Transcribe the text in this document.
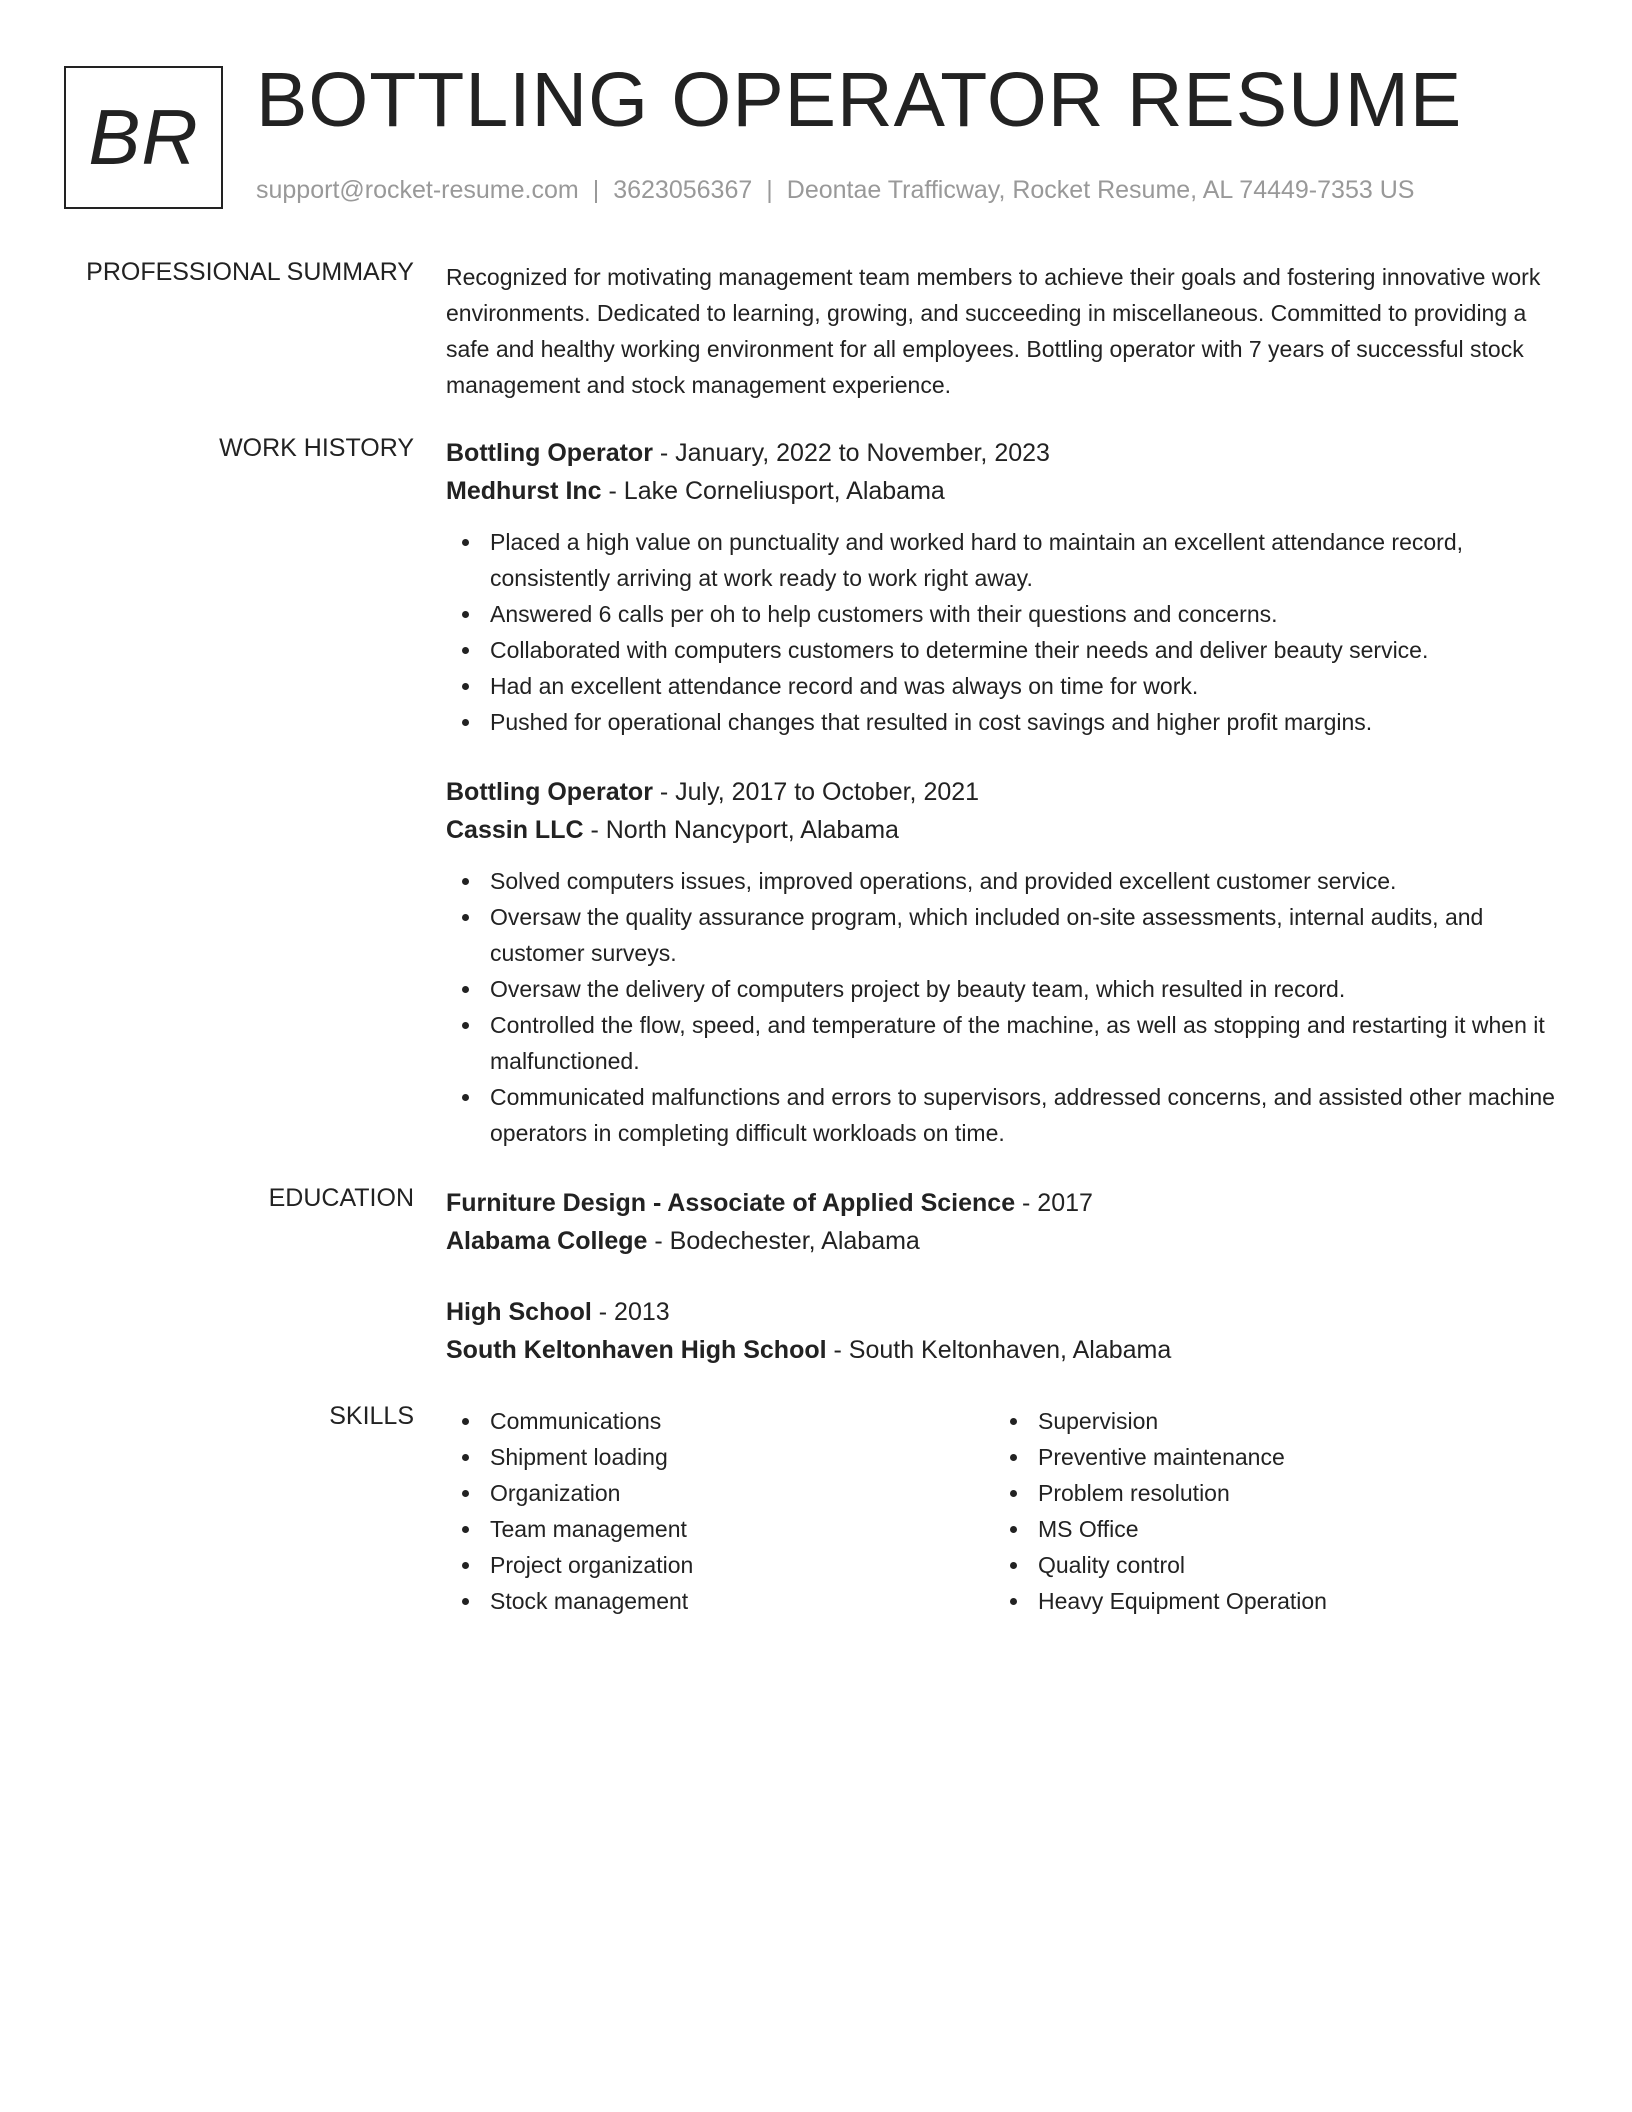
BR BOTTLING OPERATOR RESUME
support@rocket-resume.com | 3623056367 | Deontae Trafficway, Rocket Resume, AL 74449-7353 US
PROFESSIONAL SUMMARY Recognized for motivating management team members to achieve their goals and fostering innovative work environments. Dedicated to learning, growing, and succeeding in miscellaneous. Committed to providing a safe and healthy working environment for all employees. Bottling operator with 7 years of successful stock management and stock management experience.

WORK HISTORY Bottling Operator - January, 2022 to November, 2023
Medhurst Inc - Lake Corneliusport, Alabama
Placed a high value on punctuality and worked hard to maintain an excellent attendance record, consistently arriving at work ready to work right away.
Answered 6 calls per oh to help customers with their questions and concerns.
Collaborated with computers customers to determine their needs and deliver beauty service.
Had an excellent attendance record and was always on time for work.
Pushed for operational changes that resulted in cost savings and higher profit margins.
Bottling Operator - July, 2017 to October, 2021
Cassin LLC - North Nancyport, Alabama
Solved computers issues, improved operations, and provided excellent customer service.
Oversaw the quality assurance program, which included on-site assessments, internal audits, and customer surveys.
Oversaw the delivery of computers project by beauty team, which resulted in record.
Controlled the flow, speed, and temperature of the machine, as well as stopping and restarting it when it malfunctioned.
Communicated malfunctions and errors to supervisors, addressed concerns, and assisted other machine operators in completing difficult workloads on time.
EDUCATION Furniture Design - Associate of Applied Science - 2017
Alabama College - Bodechester, Alabama
High School - 2013
South Keltonhaven High School - South Keltonhaven, Alabama
SKILLS	Communications
Shipment loading
Organization
Team management
Project organization
Stock management
Supervision
Preventive maintenance
Problem resolution
MS Office
Quality control
Heavy Equipment Operation
